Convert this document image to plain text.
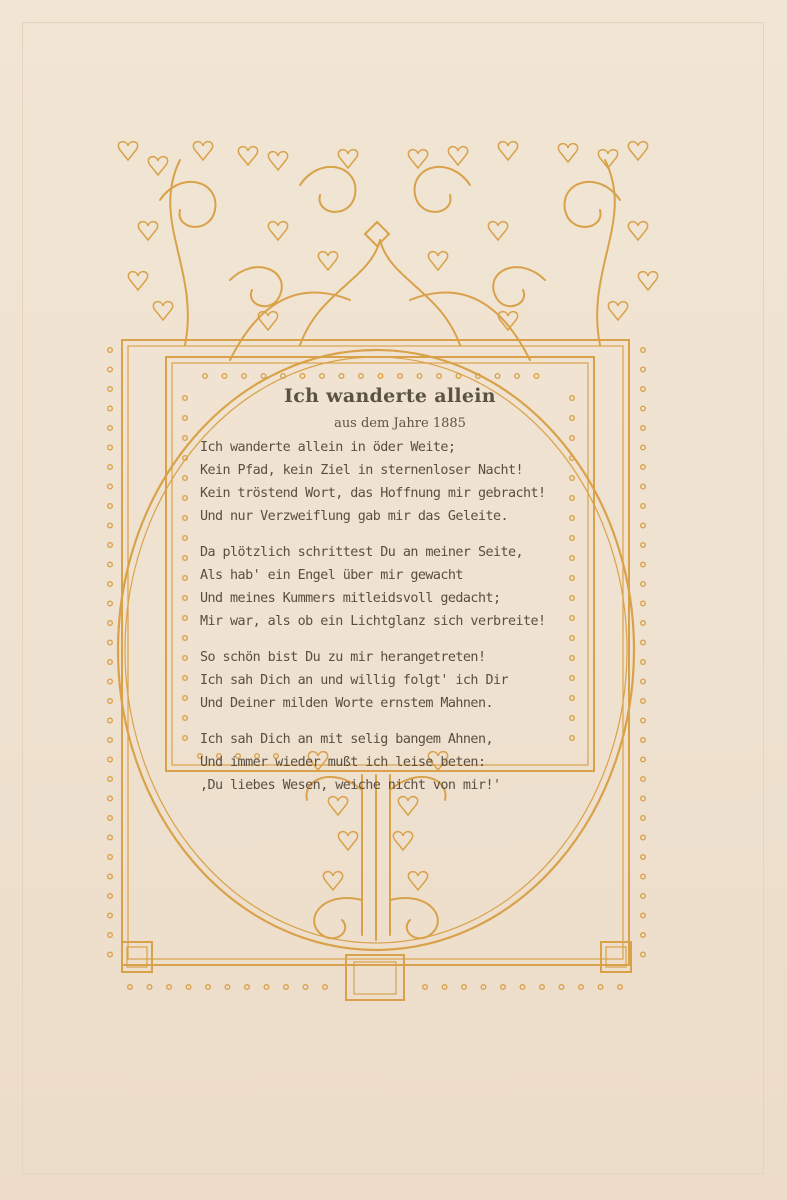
Ich wanderte allein
aus dem Jahre 1885
Ich wanderte allein in öder Weite;
Kein Pfad, kein Ziel in sternenloser Nacht!
Kein tröstend Wort, das Hoffnung mir gebracht!
Und nur Verzweiflung gab mir das Geleite.
Da plötzlich schrittest Du an meiner Seite,
Als hab' ein Engel über mir gewacht
Und meines Kummers mitleidsvoll gedacht;
Mir war, als ob ein Lichtglanz sich verbreite!
So schön bist Du zu mir herangetreten!
Ich sah Dich an und willig folgt' ich Dir
Und Deiner milden Worte ernstem Mahnen.
Ich sah Dich an mit selig bangem Ahnen,
Und immer wieder mußt ich leise beten:
‚Du liebes Wesen, weiche nicht von mir!'
